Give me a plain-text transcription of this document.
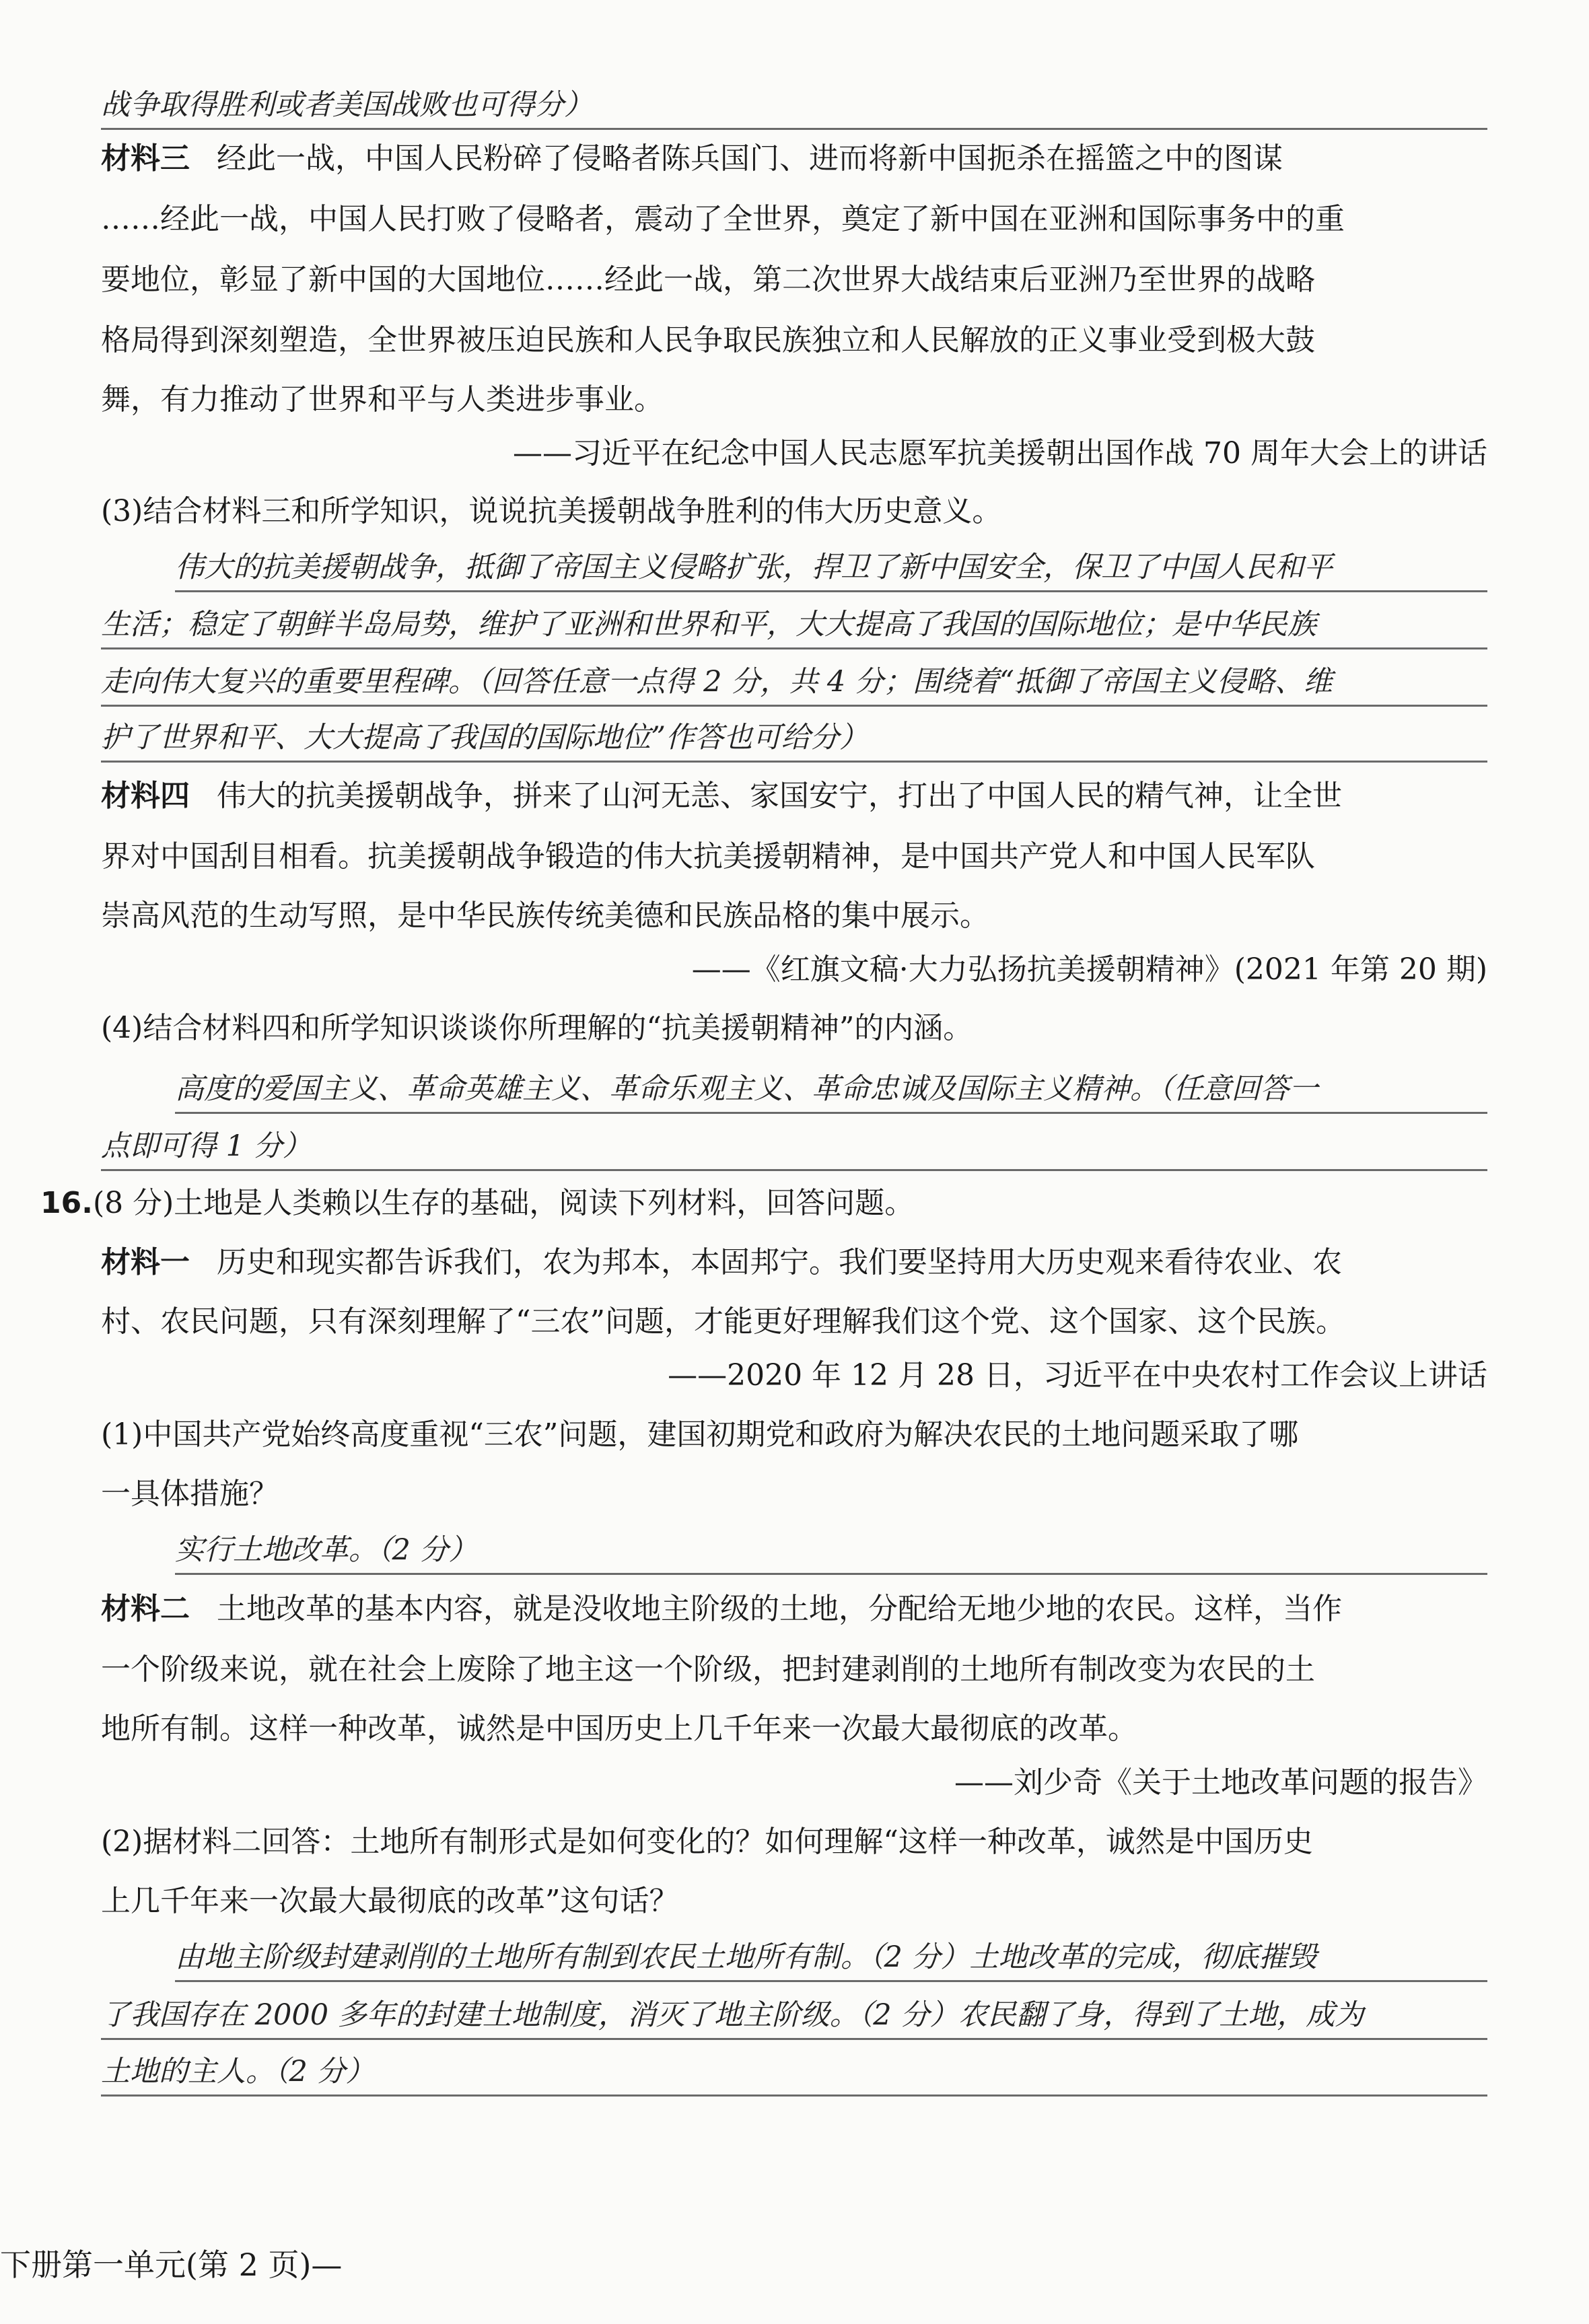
战争取得胜利或者美国战败也可得分）
材料三 经此一战，中国人民粉碎了侵略者陈兵国门、进而将新中国扼杀在摇篮之中的图谋
……经此一战，中国人民打败了侵略者，震动了全世界，奠定了新中国在亚洲和国际事务中的重
要地位，彰显了新中国的大国地位……经此一战，第二次世界大战结束后亚洲乃至世界的战略
格局得到深刻塑造，全世界被压迫民族和人民争取民族独立和人民解放的正义事业受到极大鼓
舞，有力推动了世界和平与人类进步事业。
——习近平在纪念中国人民志愿军抗美援朝出国作战 70 周年大会上的讲话
(3)结合材料三和所学知识，说说抗美援朝战争胜利的伟大历史意义。
伟大的抗美援朝战争，抵御了帝国主义侵略扩张，捍卫了新中国安全，保卫了中国人民和平
生活；稳定了朝鲜半岛局势，维护了亚洲和世界和平，大大提高了我国的国际地位；是中华民族
走向伟大复兴的重要里程碑。（回答任意一点得 2 分，共 4 分；围绕着“抵御了帝国主义侵略、维
护了世界和平、大大提高了我国的国际地位”作答也可给分）
材料四 伟大的抗美援朝战争，拼来了山河无恙、家国安宁，打出了中国人民的精气神，让全世
界对中国刮目相看。抗美援朝战争锻造的伟大抗美援朝精神，是中国共产党人和中国人民军队
崇高风范的生动写照，是中华民族传统美德和民族品格的集中展示。
——《红旗文稿·大力弘扬抗美援朝精神》(2021 年第 20 期)
(4)结合材料四和所学知识谈谈你所理解的“抗美援朝精神”的内涵。
高度的爱国主义、革命英雄主义、革命乐观主义、革命忠诚及国际主义精神。（任意回答一
点即可得 1 分）
16.(8 分)土地是人类赖以生存的基础，阅读下列材料，回答问题。
材料一 历史和现实都告诉我们，农为邦本，本固邦宁。我们要坚持用大历史观来看待农业、农
村、农民问题，只有深刻理解了“三农”问题，才能更好理解我们这个党、这个国家、这个民族。
——2020 年 12 月 28 日，习近平在中央农村工作会议上讲话
(1)中国共产党始终高度重视“三农”问题，建国初期党和政府为解决农民的土地问题采取了哪
一具体措施？
实行土地改革。（2 分）
材料二 土地改革的基本内容，就是没收地主阶级的土地，分配给无地少地的农民。这样，当作
一个阶级来说，就在社会上废除了地主这一个阶级，把封建剥削的土地所有制改变为农民的土
地所有制。这样一种改革，诚然是中国历史上几千年来一次最大最彻底的改革。
——刘少奇《关于土地改革问题的报告》
(2)据材料二回答：土地所有制形式是如何变化的？如何理解“这样一种改革，诚然是中国历史
上几千年来一次最大最彻底的改革”这句话？
由地主阶级封建剥削的土地所有制到农民土地所有制。（2 分）土地改革的完成，彻底摧毁
了我国存在 2000 多年的封建土地制度，消灭了地主阶级。（2 分）农民翻了身，得到了土地，成为
土地的主人。（2 分）
下册第一单元(第 2 页)—
